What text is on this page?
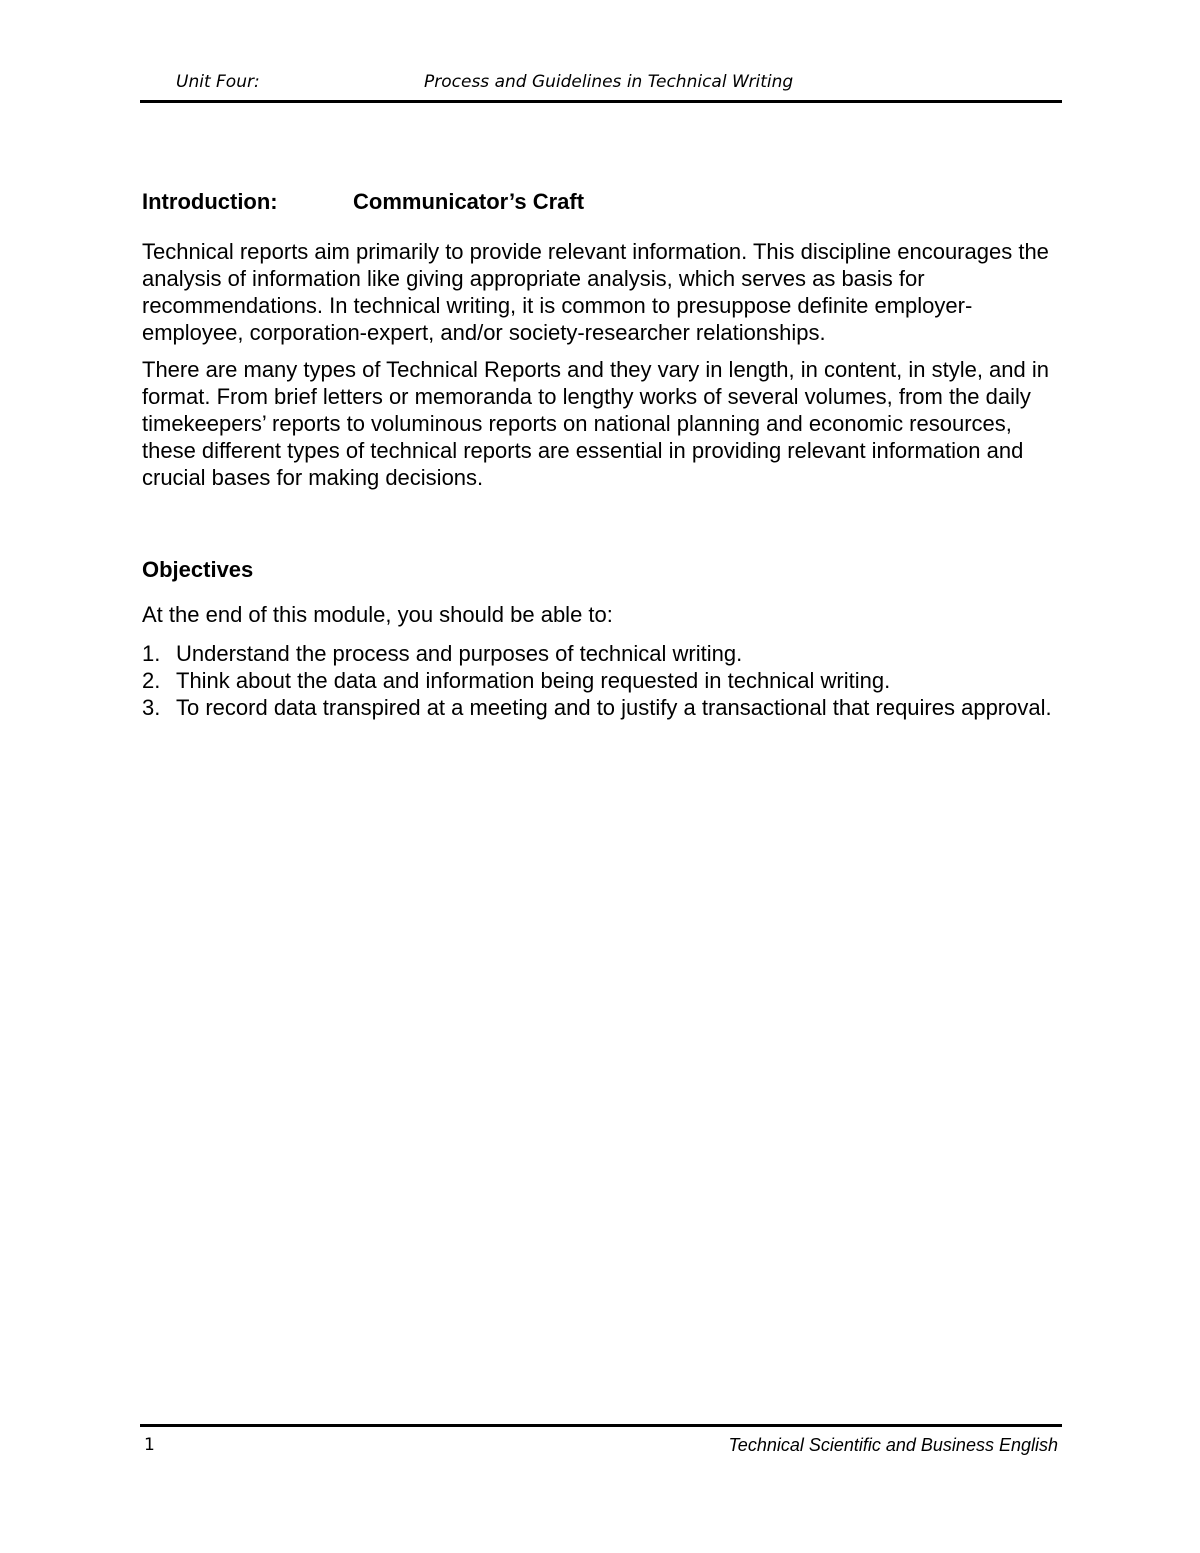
Unit Four:	Process and Guidelines in Technical Writing
Introduction:	Communicator’s Craft

Technical reports aim primarily to provide relevant information. This discipline encourages the analysis of information like giving appropriate analysis, which serves as basis for recommendations. In technical writing, it is common to presuppose definite employer-employee, corporation-expert, and/or society-researcher relationships.

There are many types of Technical Reports and they vary in length, in content, in style, and in format. From brief letters or memoranda to lengthy works of several volumes, from the daily timekeepers’ reports to voluminous reports on national planning and economic resources, these different types of technical reports are essential in providing relevant information and crucial bases for making decisions.

Objectives

At the end of this module, you should be able to:

1. Understand the process and purposes of technical writing.
2. Think about the data and information being requested in technical writing.
3. To record data transpired at a meeting and to justify a transactional that requires approval.
1	Technical Scientific and Business English
